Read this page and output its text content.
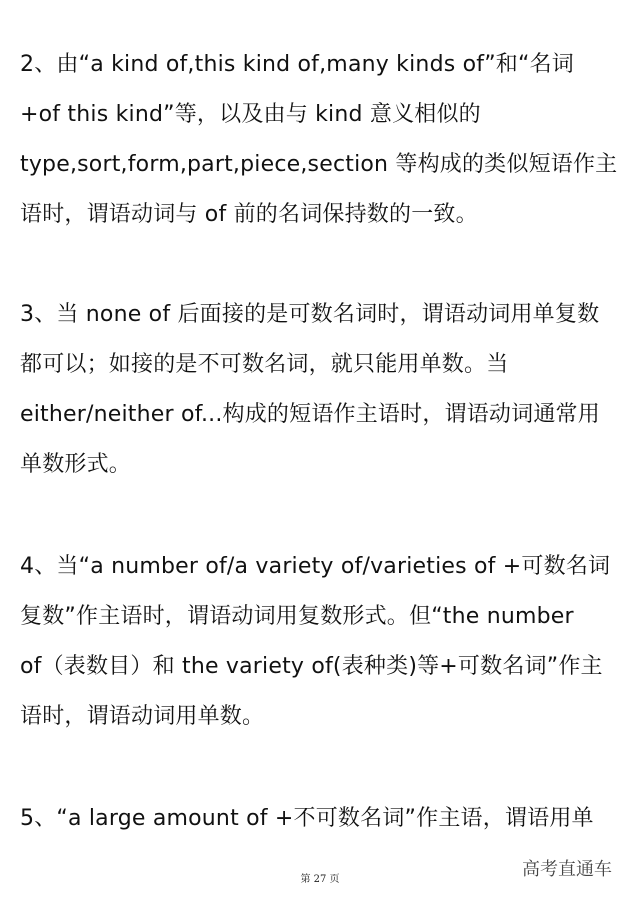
2、由“a kind of,this kind of,many kinds of”和“名词
+of this kind”等，以及由与 kind 意义相似的
type,sort,form,part,piece,section 等构成的类似短语作主
语时，谓语动词与 of 前的名词保持数的一致。
3、当 none of 后面接的是可数名词时，谓语动词用单复数
都可以；如接的是不可数名词，就只能用单数。当
either/neither of...构成的短语作主语时，谓语动词通常用
单数形式。
4、当“a number of/a variety of/varieties of +可数名词
复数”作主语时，谓语动词用复数形式。但“the number
of（表数目）和 the variety of(表种类)等+可数名词”作主
语时，谓语动词用单数。
5、“a large amount of +不可数名词”作主语，谓语用单
第 27 页	高考直通车
